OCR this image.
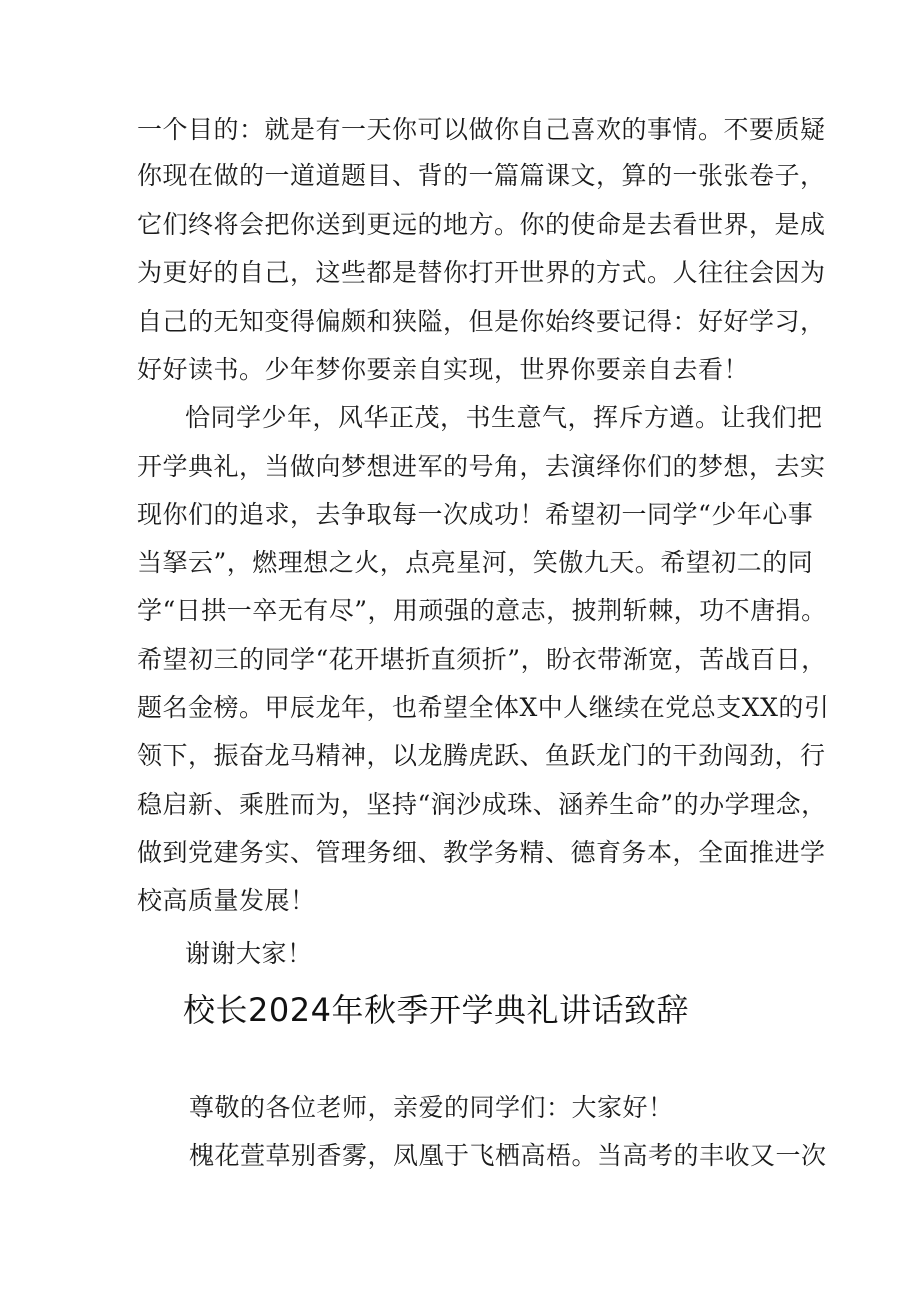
一个目的：就是有一天你可以做你自己喜欢的事情。不要质疑
你现在做的一道道题目、背的一篇篇课文，算的一张张卷子，
它们终将会把你送到更远的地方。你的使命是去看世界，是成
为更好的自己，这些都是替你打开世界的方式。人往往会因为
自己的无知变得偏颇和狭隘，但是你始终要记得：好好学习，
好好读书。少年梦你要亲自实现，世界你要亲自去看！
恰同学少年，风华正茂，书生意气，挥斥方遒。让我们把
开学典礼，当做向梦想进军的号角，去演绎你们的梦想，去实
现你们的追求，去争取每一次成功！希望初一同学“少年心事
当拏云”，燃理想之火，点亮星河，笑傲九天。希望初二的同
学“日拱一卒无有尽”，用顽强的意志，披荆斩棘，功不唐捐。
希望初三的同学“花开堪折直须折”，盼衣带渐宽，苦战百日，
题名金榜。甲辰龙年，也希望全体X中人继续在党总支XX的引
领下，振奋龙马精神，以龙腾虎跃、鱼跃龙门的干劲闯劲，行
稳启新、乘胜而为，坚持“润沙成珠、涵养生命”的办学理念，
做到党建务实、管理务细、教学务精、德育务本，全面推进学
校高质量发展！
谢谢大家！
校长2024年秋季开学典礼讲话致辞
尊敬的各位老师，亲爱的同学们：大家好！
槐花萱草别香雾，凤凰于飞栖高梧。当高考的丰收又一次
